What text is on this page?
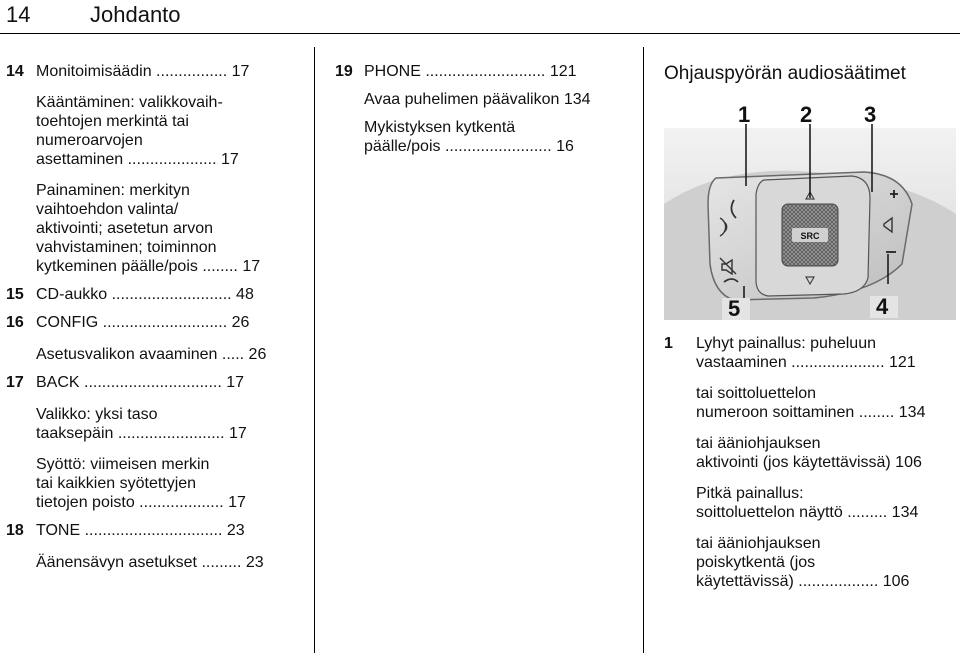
14	Johdanto
14 Monitoimisäädin ................ 17
Kääntäminen: valikkovaih-
toehtojen merkintä tai
numeroarvojen
asettaminen .................... 17
Painaminen: merkityn
vaihtoehdon valinta/
aktivointi; asetetun arvon
vahvistaminen; toiminnon
kytkeminen päälle/pois ........ 17
15 CD-aukko ........................... 48
16 CONFIG ............................ 26
Asetusvalikon avaaminen ..... 26
17 BACK ............................... 17
Valikko: yksi taso
taaksepäin ........................ 17
Syöttö: viimeisen merkin
tai kaikkien syötettyjen
tietojen poisto ................... 17
18 TONE ............................... 23
Äänensävyn asetukset ......... 23
19 PHONE ........................... 121
Avaa puhelimen päävalikon 134
Mykistyksen kytkentä
päälle/pois ........................ 16
Ohjauspyörän audiosäätimet
SRC
1 2 3
5	4
1 Lyhyt painallus: puheluun
vastaaminen ..................... 121
tai soittoluettelon
numeroon soittaminen ........ 134
tai ääniohjauksen
aktivointi (jos käytettävissä) 106
Pitkä painallus:
soittoluettelon näyttö ......... 134
tai ääniohjauksen
poiskytkentä (jos
käytettävissä) .................. 106
